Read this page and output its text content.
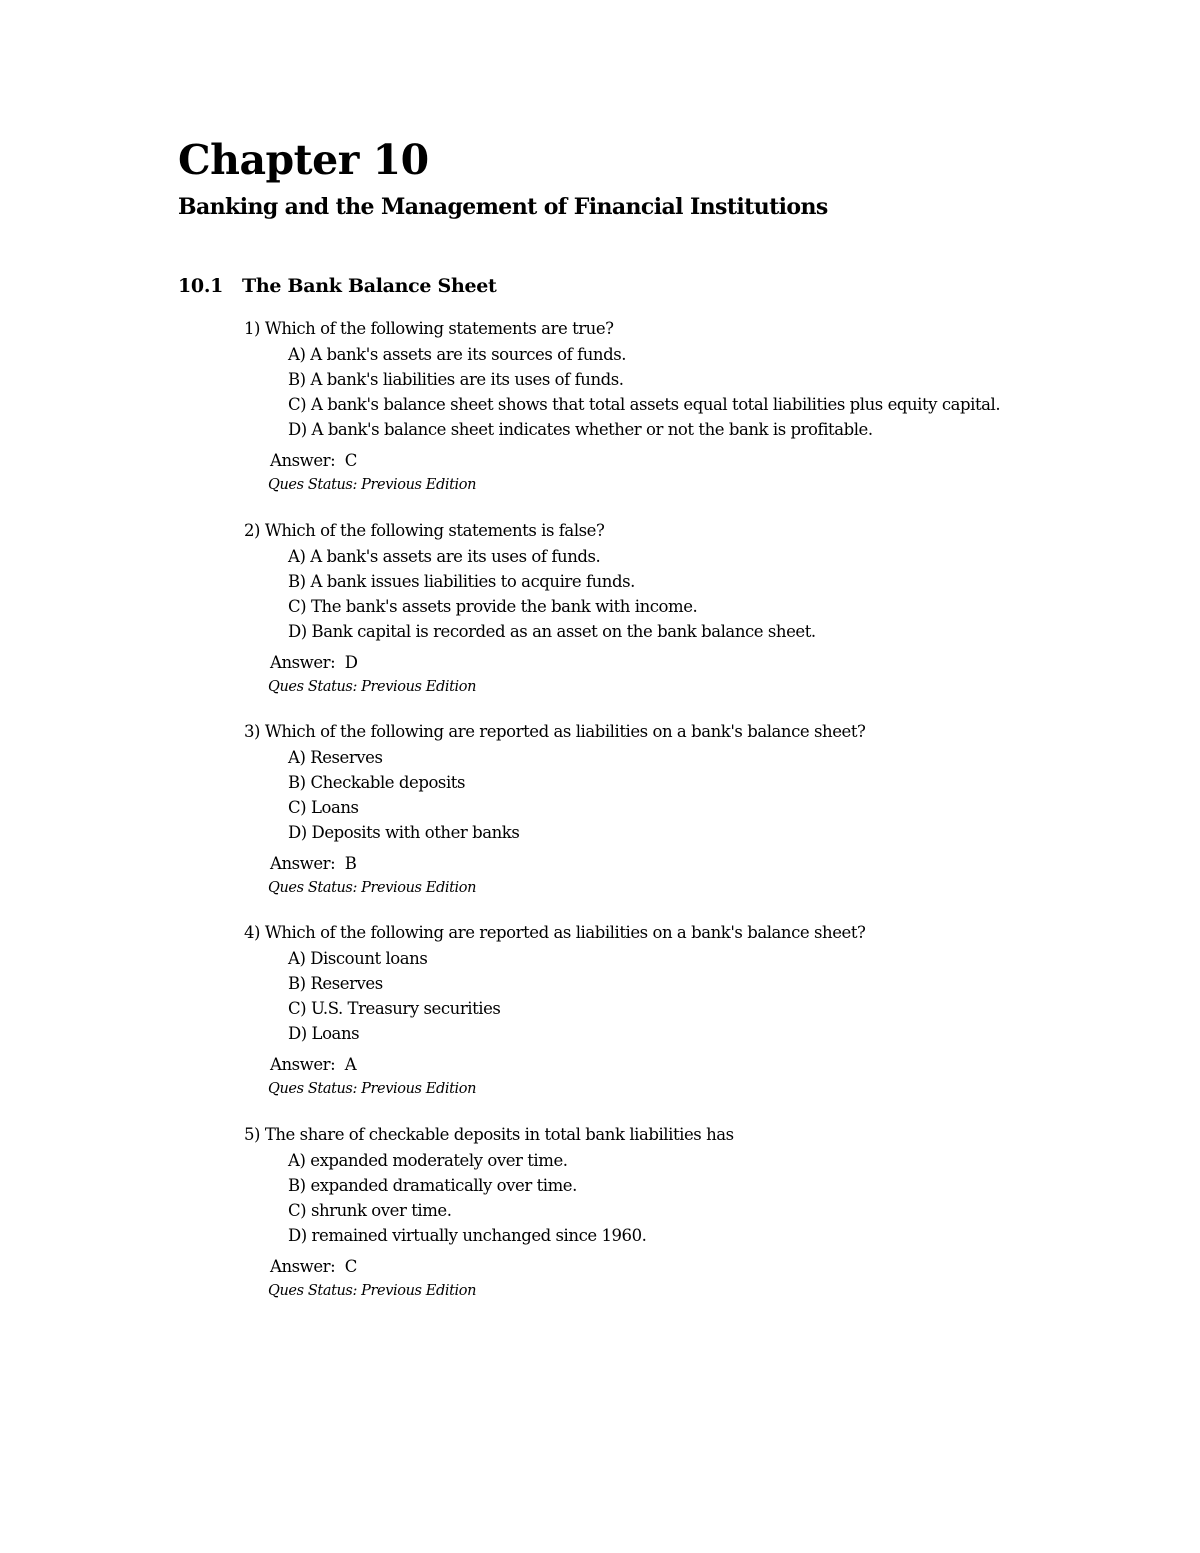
Chapter 10
Banking and the Management of Financial Institutions
10.1   The Bank Balance Sheet
1) Which of the following statements are true?
A) A bank's assets are its sources of funds.
B) A bank's liabilities are its uses of funds.
C) A bank's balance sheet shows that total assets equal total liabilities plus equity capital.
D) A bank's balance sheet indicates whether or not the bank is profitable.
Answer:  C
Ques Status: Previous Edition
2) Which of the following statements is false?
A) A bank's assets are its uses of funds.
B) A bank issues liabilities to acquire funds.
C) The bank's assets provide the bank with income.
D) Bank capital is recorded as an asset on the bank balance sheet.
Answer:  D
Ques Status: Previous Edition
3) Which of the following are reported as liabilities on a bank's balance sheet?
A) Reserves
B) Checkable deposits
C) Loans
D) Deposits with other banks
Answer:  B
Ques Status: Previous Edition
4) Which of the following are reported as liabilities on a bank's balance sheet?
A) Discount loans
B) Reserves
C) U.S. Treasury securities
D) Loans
Answer:  A
Ques Status: Previous Edition
5) The share of checkable deposits in total bank liabilities has
A) expanded moderately over time.
B) expanded dramatically over time.
C) shrunk over time.
D) remained virtually unchanged since 1960.
Answer:  C
Ques Status: Previous Edition
